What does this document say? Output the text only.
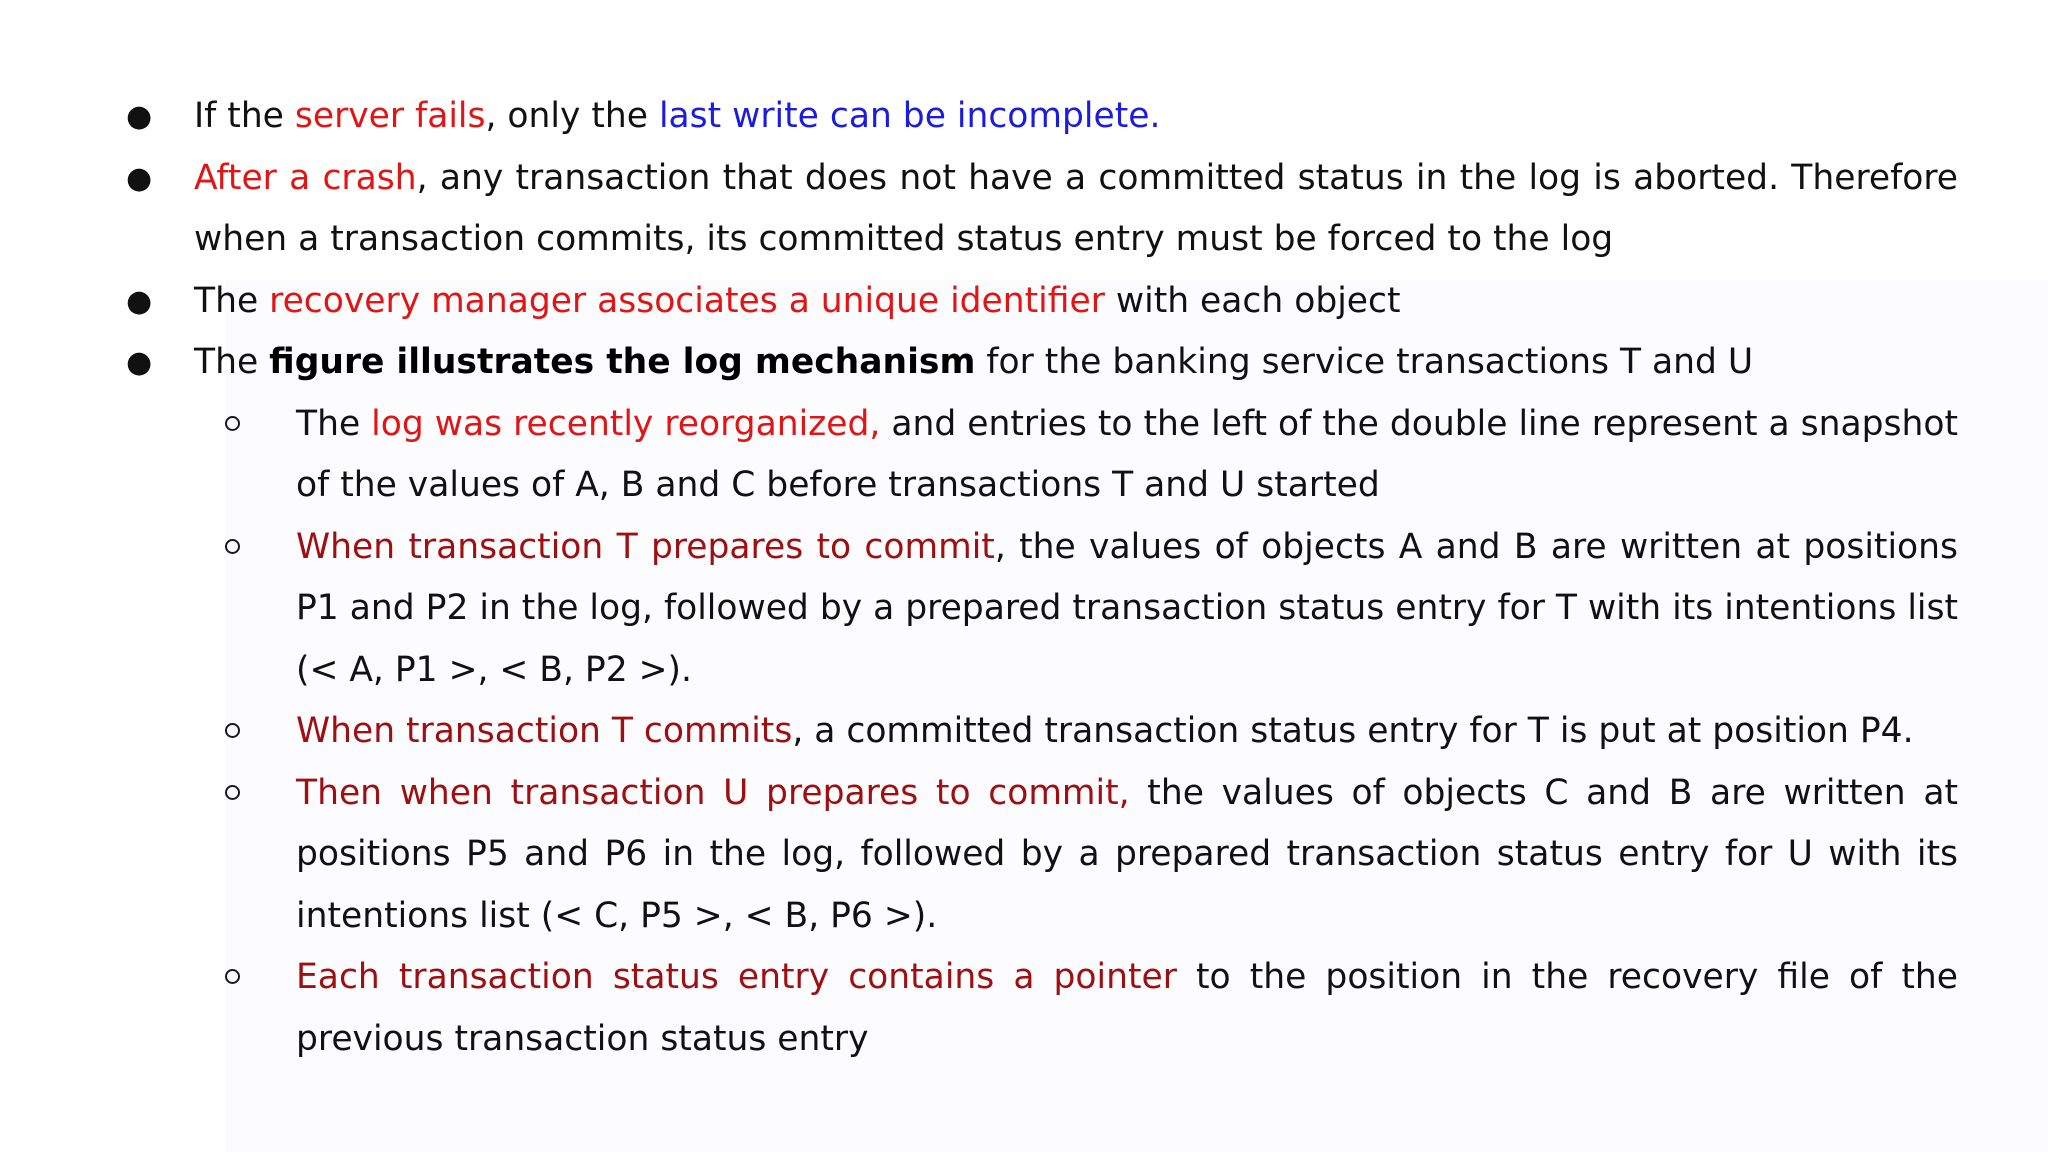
● If the server fails, only the last write can be incomplete.
● After a crash, any transaction that does not have a committed status in the log is aborted. Therefore when a transaction commits, its committed status entry must be forced to the log
● The recovery manager associates a unique identifier with each object
● The figure illustrates the log mechanism for the banking service transactions T and U
The log was recently reorganized, and entries to the left of the double line represent a snapshot of the values of A, B and C before transactions T and U started
When transaction T prepares to commit, the values of objects A and B are written at positions P1 and P2 in the log, followed by a prepared transaction status entry for T with its intentions list (< A, P1 >, < B, P2 >).
When transaction T commits, a committed transaction status entry for T is put at position P4.
Then when transaction U prepares to commit, the values of objects C and B are written at positions P5 and P6 in the log, followed by a prepared transaction status entry for U with its intentions list (< C, P5 >, < B, P6 >).
Each transaction status entry contains a pointer to the position in the recovery file of the previous transaction status entry
